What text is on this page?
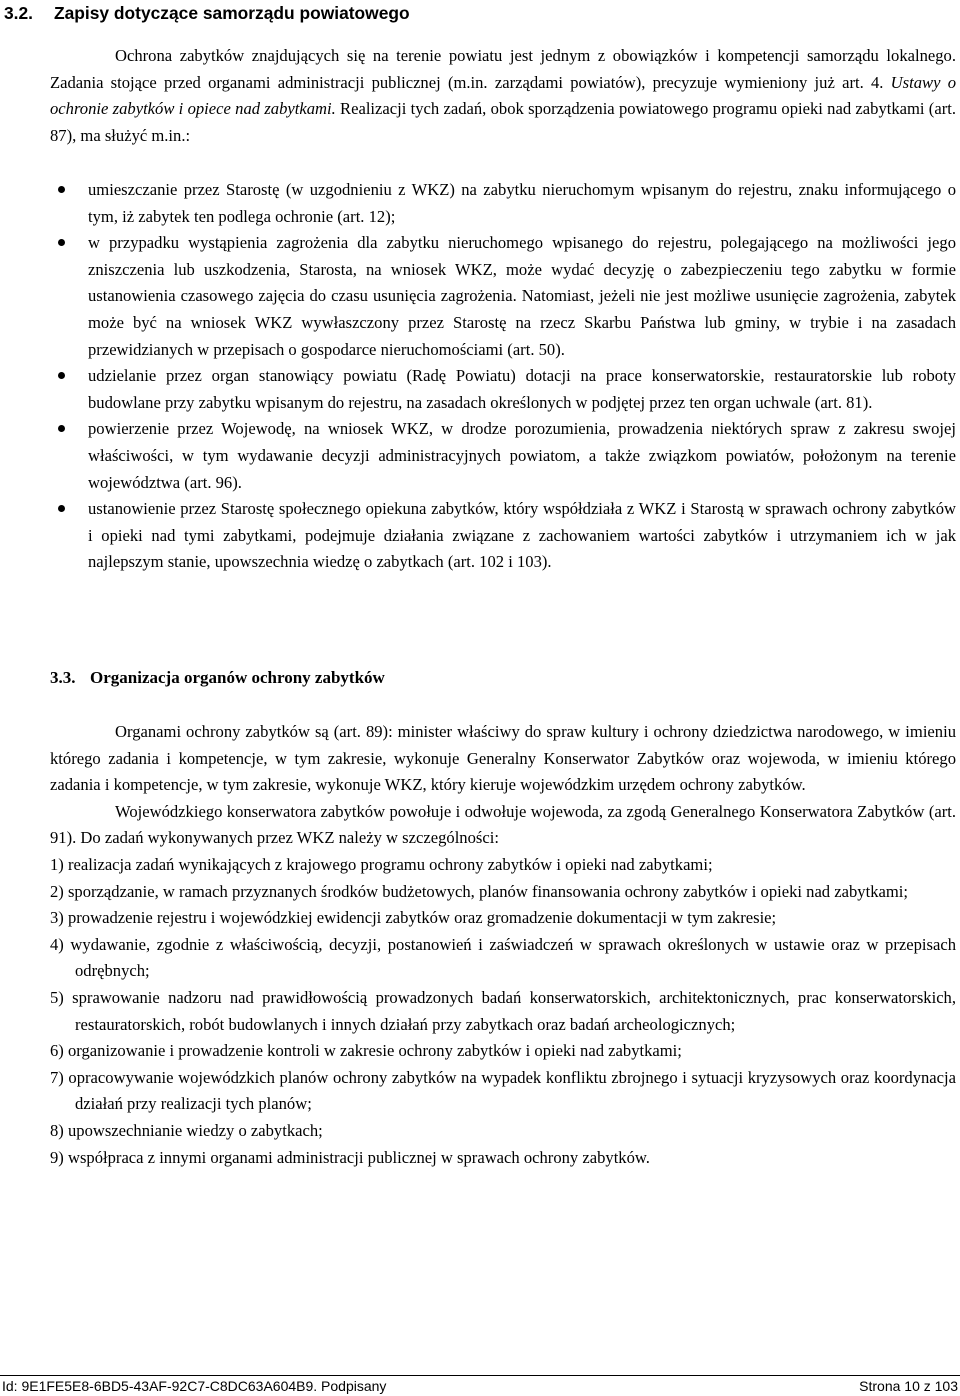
3.2. Zapisy dotyczące samorządu powiatowego

Ochrona zabytków znajdujących się na terenie powiatu jest jednym z obowiązków i kompetencji samorządu lokalnego. Zadania stojące przed organami administracji publicznej (m.in. zarządami powiatów), precyzuje wymieniony już art. 4. Ustawy o ochronie zabytków i opiece nad zabytkami. Realizacji tych zadań, obok sporządzenia powiatowego programu opieki nad zabytkami (art. 87), ma służyć m.in.:

umieszczanie przez Starostę (w uzgodnieniu z WKZ) na zabytku nieruchomym wpisanym do rejestru, znaku informującego o tym, iż zabytek ten podlega ochronie (art. 12);
w przypadku wystąpienia zagrożenia dla zabytku nieruchomego wpisanego do rejestru, polegającego na możliwości jego zniszczenia lub uszkodzenia, Starosta, na wniosek WKZ, może wydać decyzję o zabezpieczeniu tego zabytku w formie ustanowienia czasowego zajęcia do czasu usunięcia zagrożenia. Natomiast, jeżeli nie jest możliwe usunięcie zagrożenia, zabytek może być na wniosek WKZ wywłaszczony przez Starostę na rzecz Skarbu Państwa lub gminy, w trybie i na zasadach przewidzianych w przepisach o gospodarce nieruchomościami (art. 50).
udzielanie przez organ stanowiący powiatu (Radę Powiatu) dotacji na prace konserwatorskie, restauratorskie lub roboty budowlane przy zabytku wpisanym do rejestru, na zasadach określonych w podjętej przez ten organ uchwale (art. 81).
powierzenie przez Wojewodę, na wniosek WKZ, w drodze porozumienia, prowadzenia niektórych spraw z zakresu swojej właściwości, w tym wydawanie decyzji administracyjnych powiatom, a także związkom powiatów, położonym na terenie województwa (art. 96).
ustanowienie przez Starostę społecznego opiekuna zabytków, który współdziała z WKZ i Starostą w sprawach ochrony zabytków i opieki nad tymi zabytkami, podejmuje działania związane z zachowaniem wartości zabytków i utrzymaniem ich w jak najlepszym stanie, upowszechnia wiedzę o zabytkach (art. 102 i 103).
3.3. Organizacja organów ochrony zabytków

Organami ochrony zabytków są (art. 89): minister właściwy do spraw kultury i ochrony dziedzictwa narodowego, w imieniu którego zadania i kompetencje, w tym zakresie, wykonuje Generalny Konserwator Zabytków oraz wojewoda, w imieniu którego zadania i kompetencje, w tym zakresie, wykonuje WKZ, który kieruje wojewódzkim urzędem ochrony zabytków.

Wojewódzkiego konserwatora zabytków powołuje i odwołuje wojewoda, za zgodą Generalnego Konserwatora Zabytków (art. 91). Do zadań wykonywanych przez WKZ należy w szczególności:

1) realizacja zadań wynikających z krajowego programu ochrony zabytków i opieki nad zabytkami;
2) sporządzanie, w ramach przyznanych środków budżetowych, planów finansowania ochrony zabytków i opieki nad zabytkami;
3) prowadzenie rejestru i wojewódzkiej ewidencji zabytków oraz gromadzenie dokumentacji w tym zakresie;
4) wydawanie, zgodnie z właściwością, decyzji, postanowień i zaświadczeń w sprawach określonych w ustawie oraz w przepisach odrębnych;
5) sprawowanie nadzoru nad prawidłowością prowadzonych badań konserwatorskich, architektonicznych, prac konserwatorskich, restauratorskich, robót budowlanych i innych działań przy zabytkach oraz badań archeologicznych;
6) organizowanie i prowadzenie kontroli w zakresie ochrony zabytków i opieki nad zabytkami;
7) opracowywanie wojewódzkich planów ochrony zabytków na wypadek konfliktu zbrojnego i sytuacji kryzysowych oraz koordynacja działań przy realizacji tych planów;
8) upowszechnianie wiedzy o zabytkach;
9) współpraca z innymi organami administracji publicznej w sprawach ochrony zabytków.
Id: 9E1FE5E8-6BD5-43AF-92C7-C8DC63A604B9. Podpisany	Strona 10 z 103
